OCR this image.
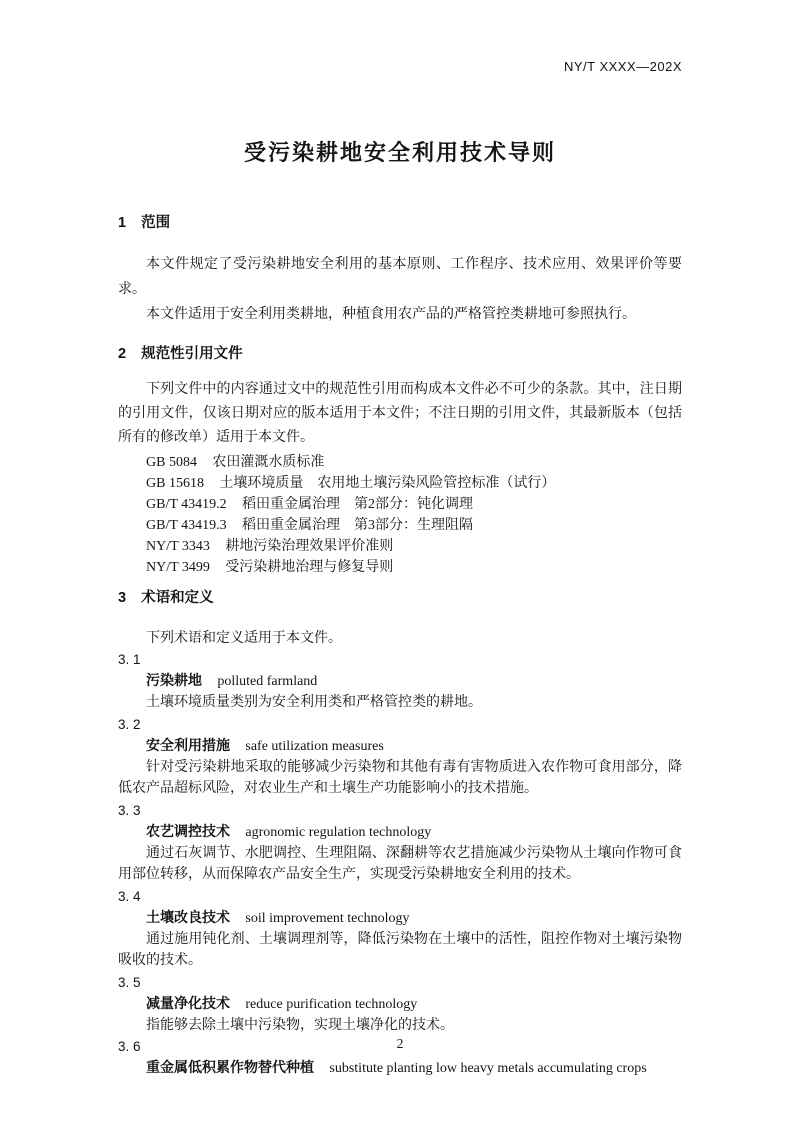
NY/T XXXX—202X
受污染耕地安全利用技术导则
1 范围

本文件规定了受污染耕地安全利用的基本原则、工作程序、技术应用、效果评价等要求。

本文件适用于安全利用类耕地，种植食用农产品的严格管控类耕地可参照执行。

2 规范性引用文件

下列文件中的内容通过文中的规范性引用而构成本文件必不可少的条款。其中，注日期的引用文件，仅该日期对应的版本适用于本文件；不注日期的引用文件，其最新版本（包括所有的修改单）适用于本文件。

GB 5084 农田灌溉水质标准
GB 15618 土壤环境质量　农用地土壤污染风险管控标准（试行）
GB/T 43419.2 稻田重金属治理　第2部分：钝化调理
GB/T 43419.3 稻田重金属治理　第3部分：生理阻隔
NY/T 3343 耕地污染治理效果评价准则
NY/T 3499 受污染耕地治理与修复导则
3 术语和定义

下列术语和定义适用于本文件。

3. 1
污染耕地 polluted farmland

土壤环境质量类别为安全利用类和严格管控类的耕地。

3. 2
安全利用措施 safe utilization measures

针对受污染耕地采取的能够减少污染物和其他有毒有害物质进入农作物可食用部分，降低农产品超标风险，对农业生产和土壤生产功能影响小的技术措施。

3. 3
农艺调控技术 agronomic regulation technology

通过石灰调节、水肥调控、生理阻隔、深翻耕等农艺措施减少污染物从土壤向作物可食用部位转移，从而保障农产品安全生产，实现受污染耕地安全利用的技术。

3. 4
土壤改良技术 soil improvement technology

通过施用钝化剂、土壤调理剂等，降低污染物在土壤中的活性，阻控作物对土壤污染物吸收的技术。

3. 5
减量净化技术 reduce purification technology

指能够去除土壤中污染物，实现土壤净化的技术。

3. 6
重金属低积累作物替代种植 substitute planting low heavy metals accumulating crops
2
